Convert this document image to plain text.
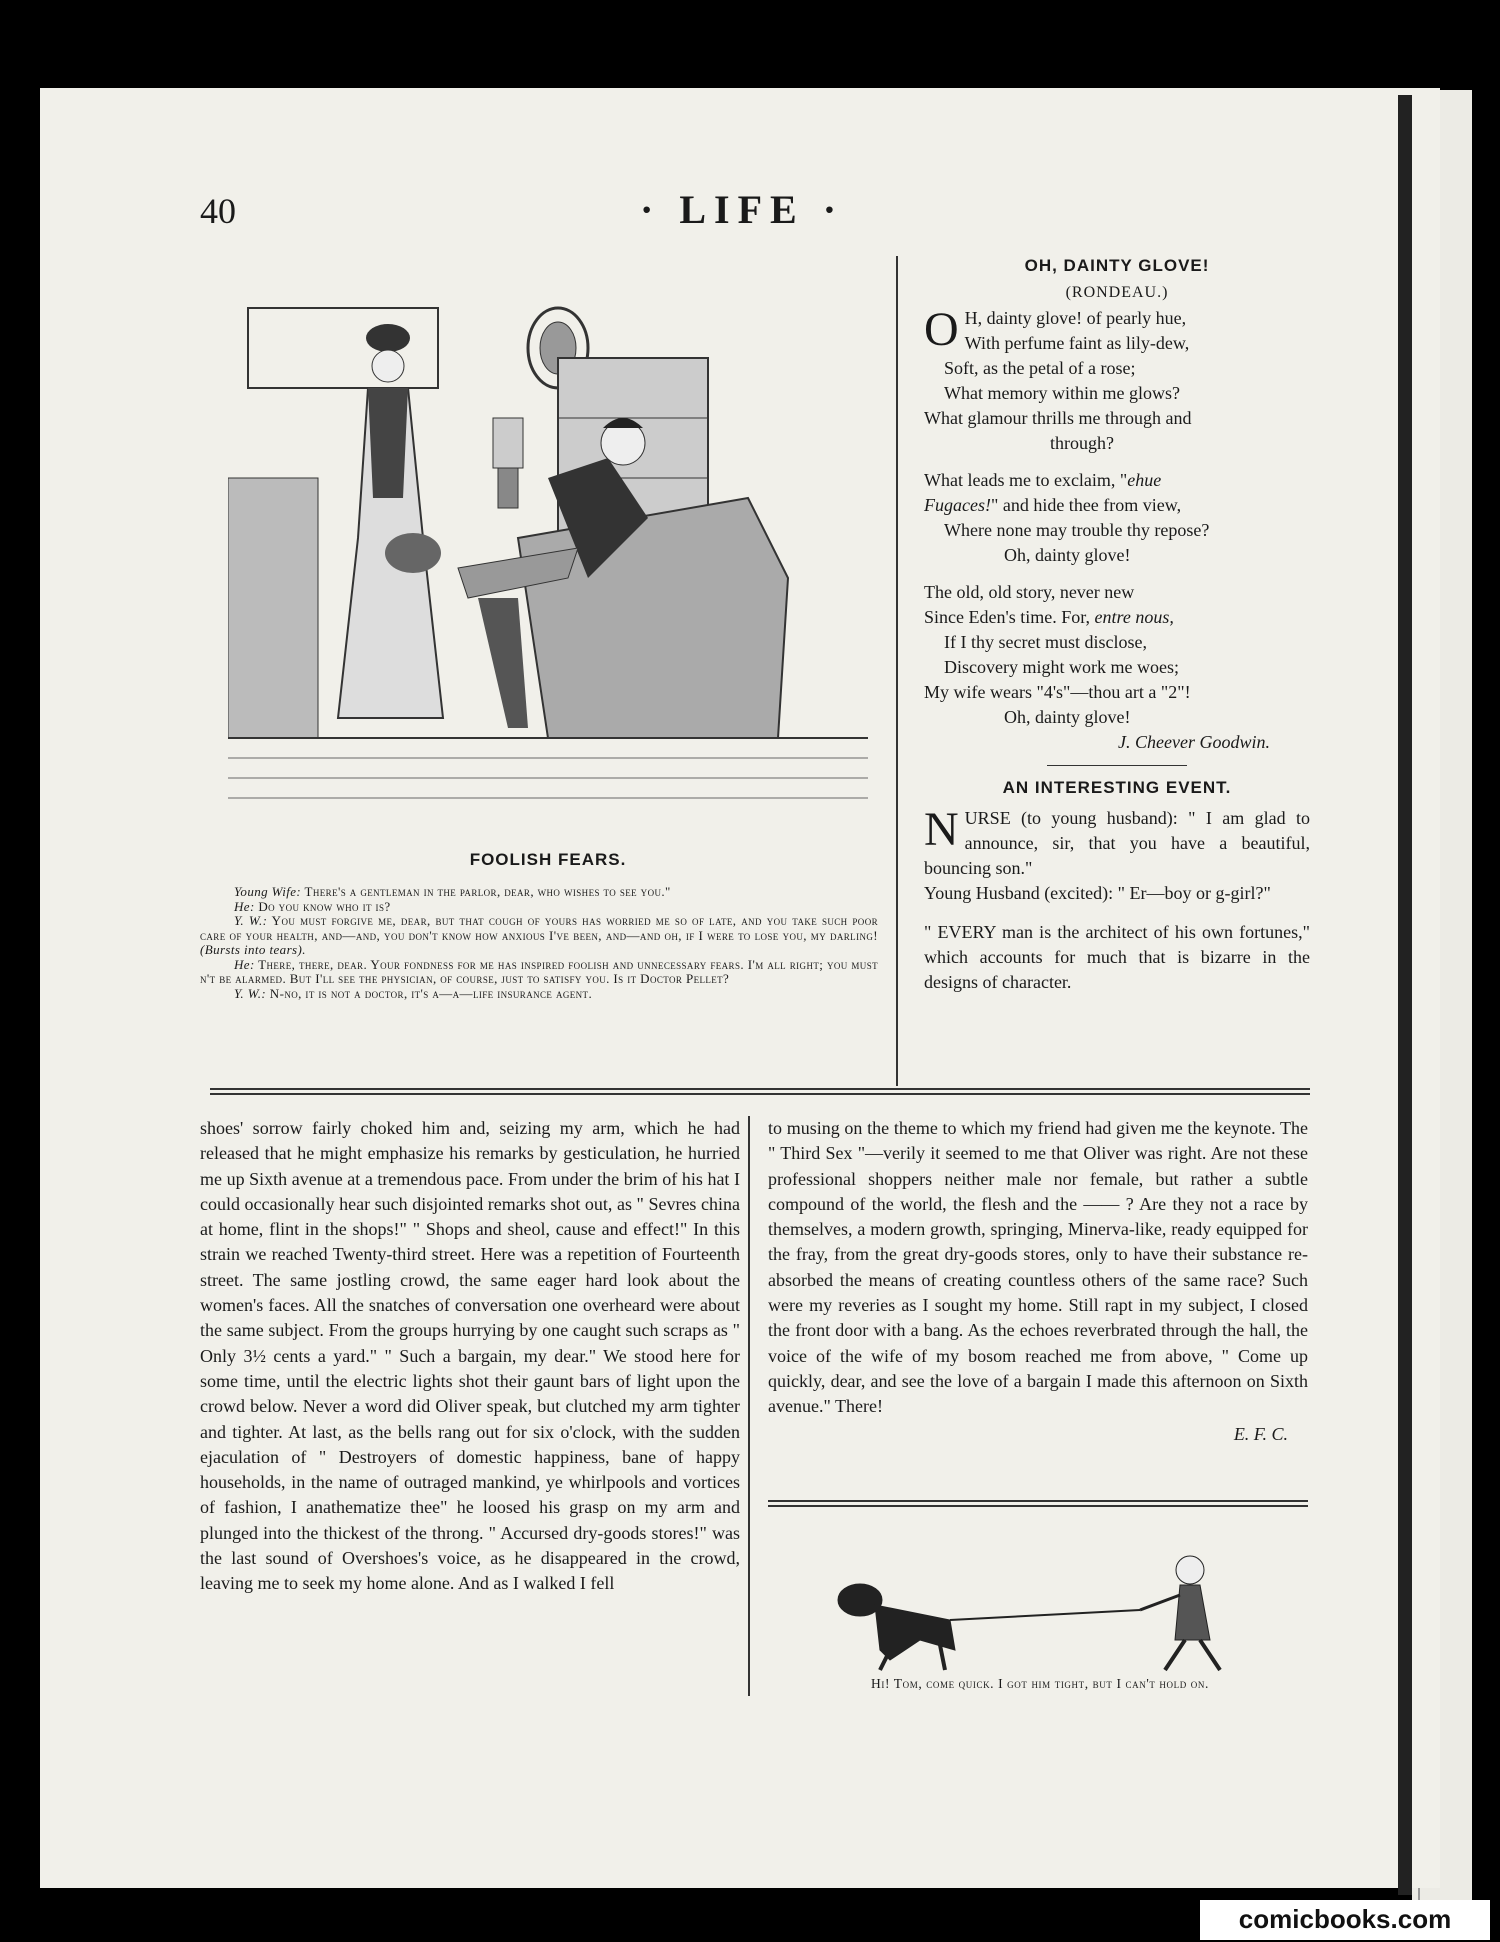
40	· LIFE ·
FOOLISH FEARS.

Young Wife: There's a gentleman in the parlor, dear, who wishes to see you."

He: Do you know who it is?

Y. W.: You must forgive me, dear, but that cough of yours has worried me so of late, and you take such poor care of your health, and—and, you don't know how anxious I've been, and—and oh, if I were to lose you, my darling! (Bursts into tears).

He: There, there, dear. Your fondness for me has inspired foolish and unnecessary fears. I'm all right; you must n't be alarmed. But I'll see the physician, of course, just to satisfy you. Is it Doctor Pellet?

Y. W.: N-no, it is not a doctor, it's a—a—life insurance agent.

OH, DAINTY GLOVE!
(RONDEAU.)
O H, dainty glove! of pearly hue,
With perfume faint as lily-dew,
Soft, as the petal of a rose;
What memory within me glows?
What glamour thrills me through and
through?
What leads me to exclaim, "ehue
Fugaces!" and hide thee from view,
Where none may trouble thy repose?
Oh, dainty glove!
The old, old story, never new
Since Eden's time. For, entre nous,
If I thy secret must disclose,
Discovery might work me woes;
My wife wears "4's"—thou art a "2"!
Oh, dainty glove!
J. Cheever Goodwin.
AN INTERESTING EVENT.

NURSE (to young husband): " I am glad to announce, sir, that you have a beautiful, bouncing son."

Young Husband (excited): " Er—boy or g-girl?"

" EVERY man is the architect of his own fortunes," which accounts for much that is bizarre in the designs of character.

shoes' sorrow fairly choked him and, seizing my arm, which he had released that he might emphasize his remarks by gesticulation, he hurried me up Sixth avenue at a tremendous pace. From under the brim of his hat I could occasionally hear such disjointed remarks shot out, as " Sevres china at home, flint in the shops!" " Shops and sheol, cause and effect!" In this strain we reached Twenty-third street. Here was a repetition of Fourteenth street. The same jostling crowd, the same eager hard look about the women's faces. All the snatches of conversation one overheard were about the same subject. From the groups hurrying by one caught such scraps as " Only 3½ cents a yard." " Such a bargain, my dear." We stood here for some time, until the electric lights shot their gaunt bars of light upon the crowd below. Never a word did Oliver speak, but clutched my arm tighter and tighter. At last, as the bells rang out for six o'clock, with the sudden ejaculation of " Destroyers of domestic happiness, bane of happy households, in the name of outraged mankind, ye whirlpools and vortices of fashion, I anathematize thee" he loosed his grasp on my arm and plunged into the thickest of the throng. " Accursed dry-goods stores!" was the last sound of Overshoes's voice, as he disappeared in the crowd, leaving me to seek my home alone. And as I walked I fell

to musing on the theme to which my friend had given me the keynote. The " Third Sex "—verily it seemed to me that Oliver was right. Are not these professional shoppers neither male nor female, but rather a subtle compound of the world, the flesh and the —— ? Are they not a race by themselves, a modern growth, springing, Minerva-like, ready equipped for the fray, from the great dry-goods stores, only to have their substance re-absorbed the means of creating countless others of the same race? Such were my reveries as I sought my home. Still rapt in my subject, I closed the front door with a bang. As the echoes reverbrated through the hall, the voice of the wife of my bosom reached me from above, " Come up quickly, dear, and see the love of a bargain I made this afternoon on Sixth avenue." There!

E. F. C.
Hi! Tom, come quick. I got him tight, but I can't hold on.
comicbooks.com
